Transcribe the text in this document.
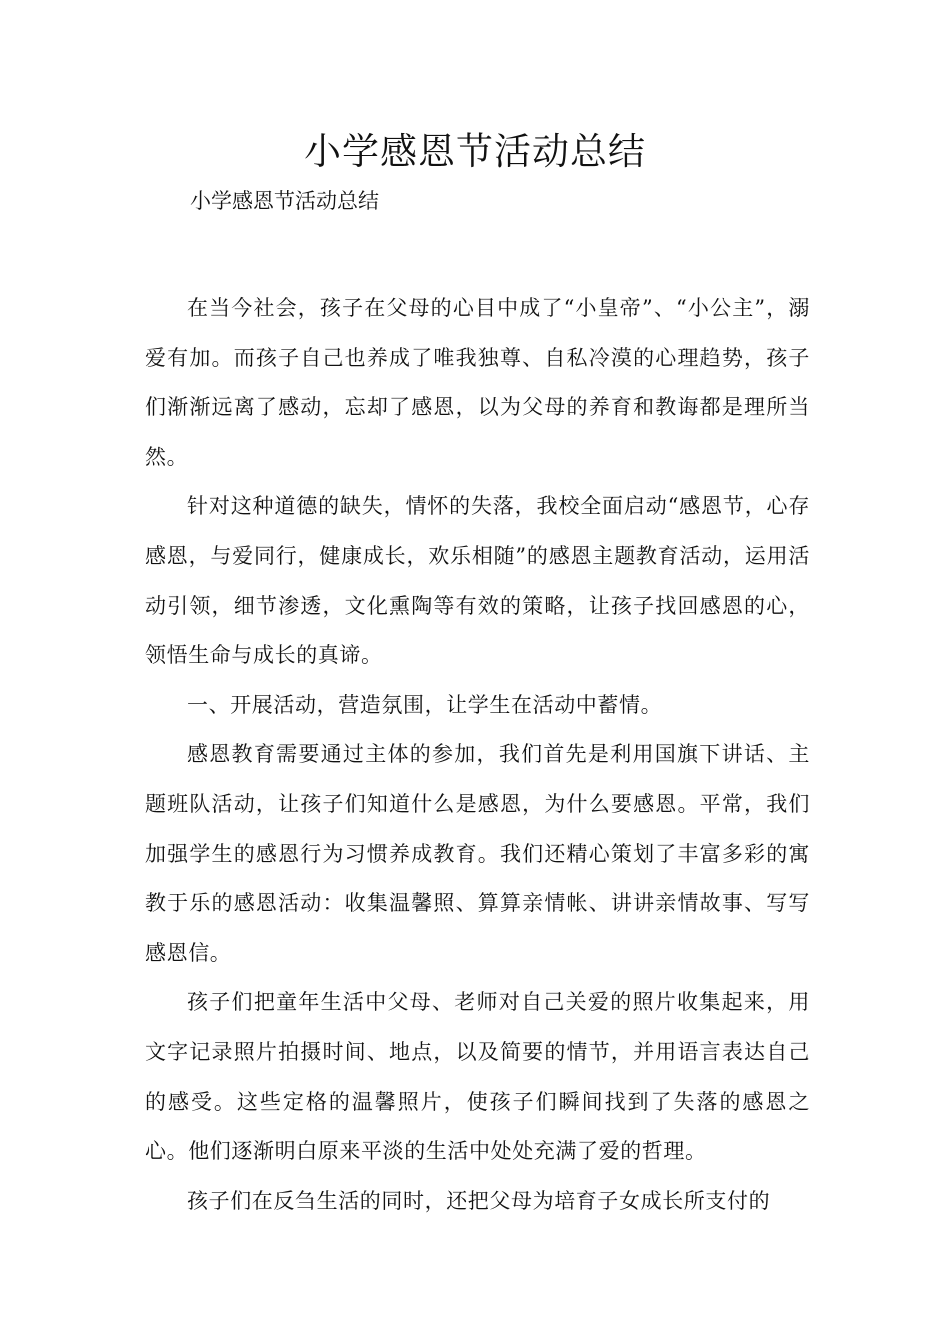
小学感恩节活动总结

小学感恩节活动总结

在当今社会，孩子在父母的心目中成了“小皇帝”、“小公主”，溺爱有加。而孩子自己也养成了唯我独尊、自私冷漠的心理趋势，孩子们渐渐远离了感动，忘却了感恩，以为父母的养育和教诲都是理所当然。

针对这种道德的缺失，情怀的失落，我校全面启动“感恩节，心存感恩，与爱同行，健康成长，欢乐相随”的感恩主题教育活动，运用活动引领，细节渗透，文化熏陶等有效的策略，让孩子找回感恩的心，领悟生命与成长的真谛。

一、开展活动，营造氛围，让学生在活动中蓄情。

感恩教育需要通过主体的参加，我们首先是利用国旗下讲话、主题班队活动，让孩子们知道什么是感恩，为什么要感恩。平常，我们加强学生的感恩行为习惯养成教育。我们还精心策划了丰富多彩的寓教于乐的感恩活动：收集温馨照、算算亲情帐、讲讲亲情故事、写写感恩信。

孩子们把童年生活中父母、老师对自己关爱的照片收集起来，用文字记录照片拍摄时间、地点，以及简要的情节，并用语言表达自己的感受。这些定格的温馨照片，使孩子们瞬间找到了失落的感恩之心。他们逐渐明白原来平淡的生活中处处充满了爱的哲理。

孩子们在反刍生活的同时，还把父母为培育子女成长所支付的
